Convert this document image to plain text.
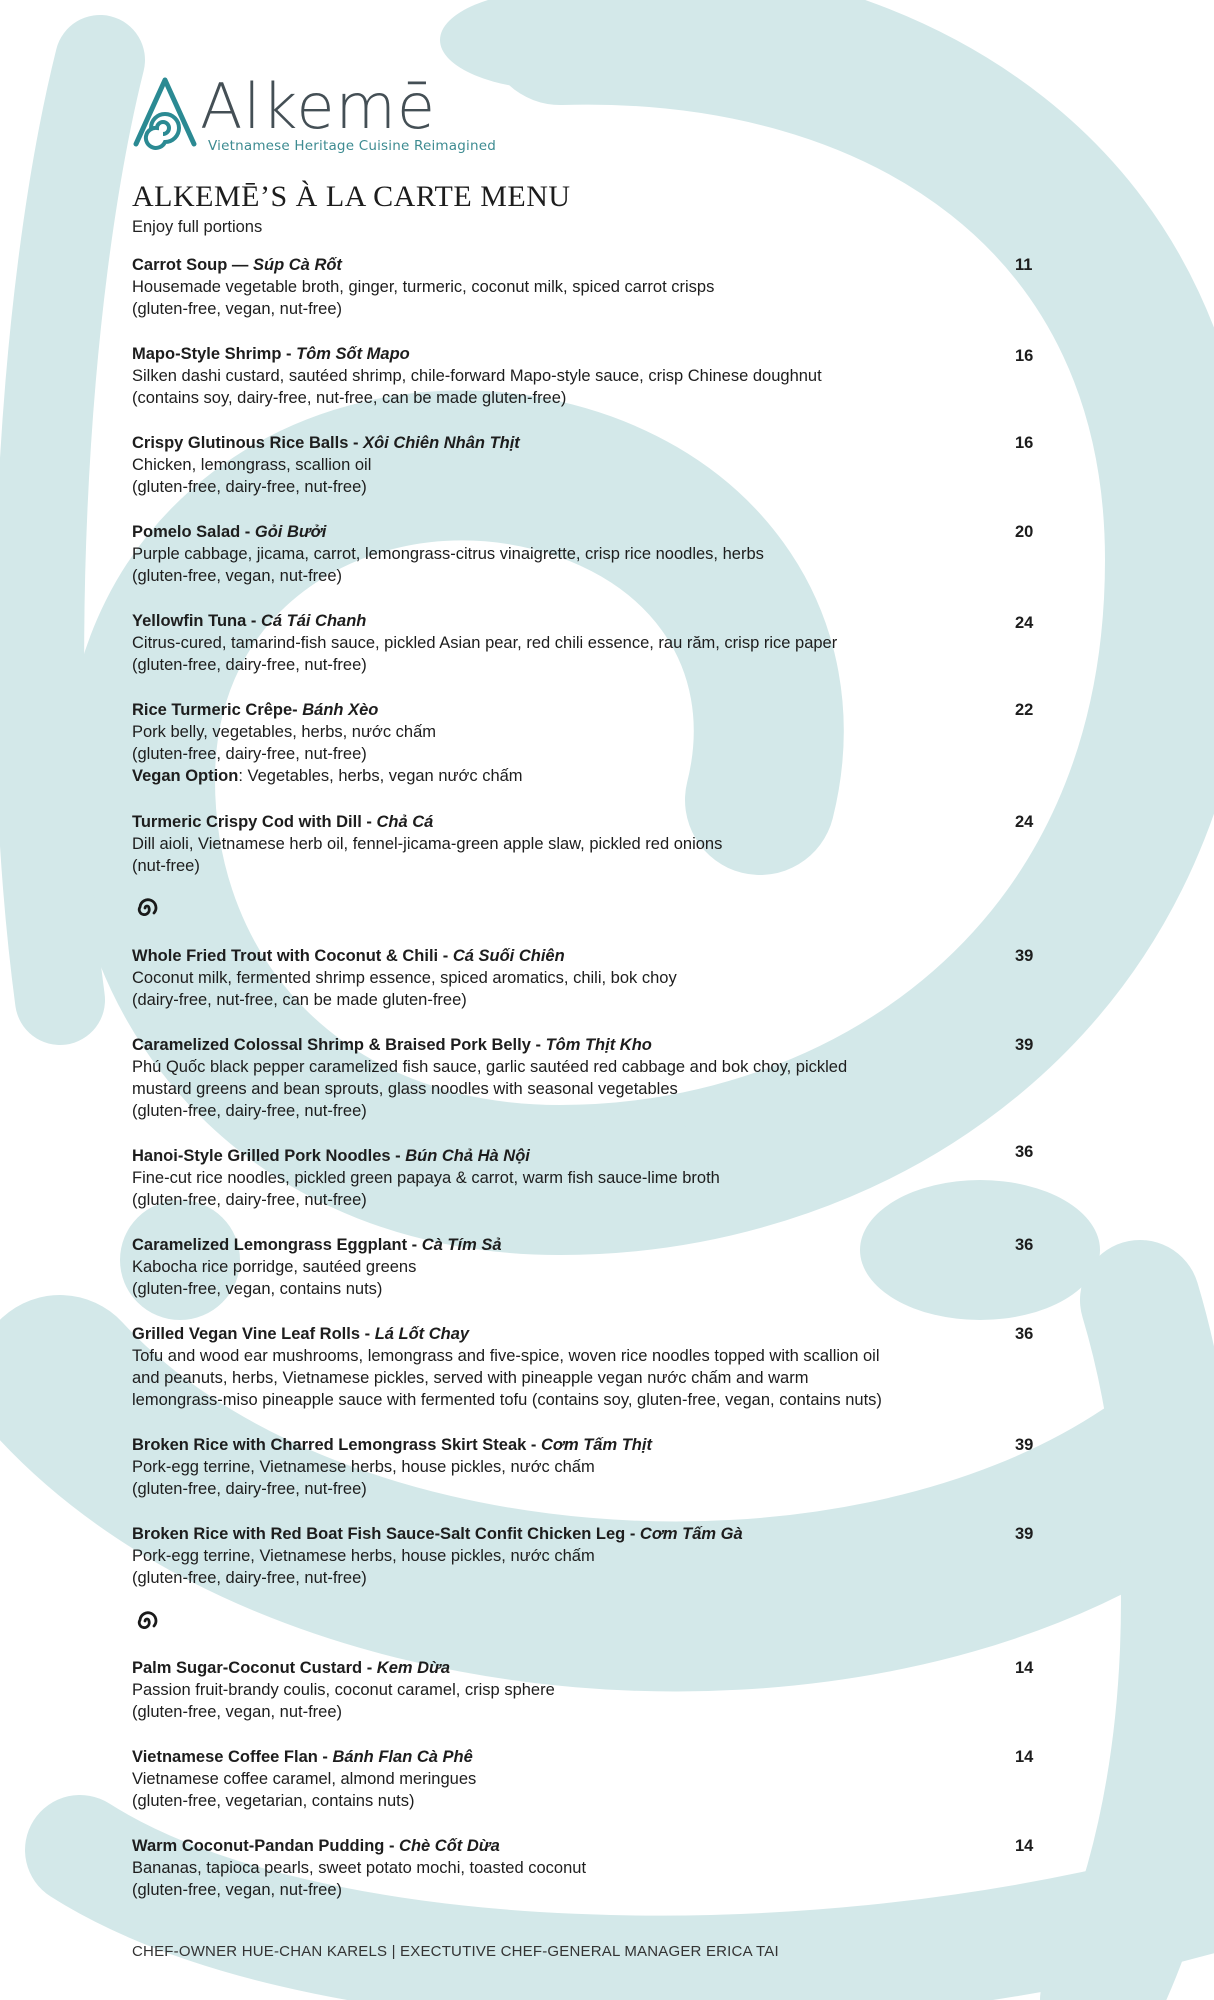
Alkemē
Vietnamese Heritage Cuisine Reimagined
ALKEMĒ’S À LA CARTE MENU
Enjoy full portions
Carrot Soup — Súp Cà Rốt
Housemade vegetable broth, ginger, turmeric, coconut milk, spiced carrot crisps
(gluten-free, vegan, nut-free)
11
Mapo-Style Shrimp - Tôm Sốt Mapo
Silken dashi custard, sautéed shrimp, chile-forward Mapo-style sauce, crisp Chinese doughnut
(contains soy, dairy-free, nut-free, can be made gluten-free)
16
Crispy Glutinous Rice Balls - Xôi Chiên Nhân Thịt
Chicken, lemongrass, scallion oil
(gluten-free, dairy-free, nut-free)
16
Pomelo Salad - Gỏi Bưởi
Purple cabbage, jicama, carrot, lemongrass-citrus vinaigrette, crisp rice noodles, herbs
(gluten-free, vegan, nut-free)
20
Yellowfin Tuna - Cá Tái Chanh
Citrus-cured, tamarind-fish sauce, pickled Asian pear, red chili essence, rau răm, crisp rice paper
(gluten-free, dairy-free, nut-free)
24
Rice Turmeric Crêpe- Bánh Xèo
Pork belly, vegetables, herbs, nước chấm
(gluten-free, dairy-free, nut-free)
Vegan Option: Vegetables, herbs, vegan nước chấm
22
Turmeric Crispy Cod with Dill - Chả Cá
Dill aioli, Vietnamese herb oil, fennel-jicama-green apple slaw, pickled red onions
(nut-free)
24
Whole Fried Trout with Coconut & Chili - Cá Suối Chiên
Coconut milk, fermented shrimp essence, spiced aromatics, chili, bok choy
(dairy-free, nut-free, can be made gluten-free)
39
Caramelized Colossal Shrimp & Braised Pork Belly - Tôm Thịt Kho
Phú Quốc black pepper caramelized fish sauce, garlic sautéed red cabbage and bok choy, pickled
mustard greens and bean sprouts, glass noodles with seasonal vegetables
(gluten-free, dairy-free, nut-free)
39
Hanoi-Style Grilled Pork Noodles - Bún Chả Hà Nội
Fine-cut rice noodles, pickled green papaya & carrot, warm fish sauce-lime broth
(gluten-free, dairy-free, nut-free)
36
Caramelized Lemongrass Eggplant - Cà Tím Sả
Kabocha rice porridge, sautéed greens
(gluten-free, vegan, contains nuts)
36
Grilled Vegan Vine Leaf Rolls - Lá Lốt Chay
Tofu and wood ear mushrooms, lemongrass and five-spice, woven rice noodles topped with scallion oil
and peanuts, herbs, Vietnamese pickles, served with pineapple vegan nước chấm and warm
lemongrass-miso pineapple sauce with fermented tofu (contains soy, gluten-free, vegan, contains nuts)
36
Broken Rice with Charred Lemongrass Skirt Steak - Cơm Tấm Thịt
Pork-egg terrine, Vietnamese herbs, house pickles, nước chấm
(gluten-free, dairy-free, nut-free)
39
Broken Rice with Red Boat Fish Sauce-Salt Confit Chicken Leg - Cơm Tấm Gà
Pork-egg terrine, Vietnamese herbs, house pickles, nước chấm
(gluten-free, dairy-free, nut-free)
39
Palm Sugar-Coconut Custard - Kem Dừa
Passion fruit-brandy coulis, coconut caramel, crisp sphere
(gluten-free, vegan, nut-free)
14
Vietnamese Coffee Flan - Bánh Flan Cà Phê
Vietnamese coffee caramel, almond meringues
(gluten-free, vegetarian, contains nuts)
14
Warm Coconut-Pandan Pudding - Chè Cốt Dừa
Bananas, tapioca pearls, sweet potato mochi, toasted coconut
(gluten-free, vegan, nut-free)
14
CHEF-OWNER HUE-CHAN KARELS | EXECTUTIVE CHEF-GENERAL MANAGER ERICA TAI
